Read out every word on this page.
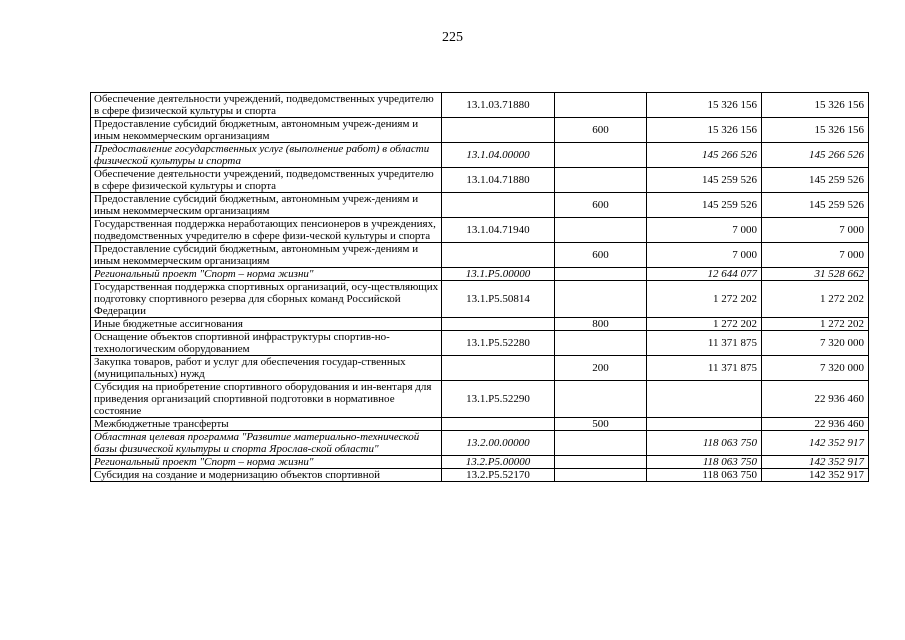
225
Обеспечение деятельности учреждений, подведомственных учредителю в сфере физической культуры и спорта	13.1.03.71880		15 326 156	15 326 156
Предоставление субсидий бюджетным, автономным учреж-дениям и иным некоммерческим организациям		600	15 326 156	15 326 156
Предоставление государственных услуг (выполнение работ) в области физической культуры и спорта	13.1.04.00000		145 266 526	145 266 526
Обеспечение деятельности учреждений, подведомственных учредителю в сфере физической культуры и спорта	13.1.04.71880		145 259 526	145 259 526
Предоставление субсидий бюджетным, автономным учреж-дениям и иным некоммерческим организациям		600	145 259 526	145 259 526
Государственная поддержка неработающих пенсионеров в учреждениях, подведомственных учредителю в сфере физи-ческой культуры и спорта	13.1.04.71940		7 000	7 000
Предоставление субсидий бюджетным, автономным учреж-дениям и иным некоммерческим организациям		600	7 000	7 000
Региональный проект "Спорт – норма жизни"	13.1.P5.00000		12 644 077	31 528 662
Государственная поддержка спортивных организаций, осу-ществляющих подготовку спортивного резерва для сборных команд Российской Федерации	13.1.P5.50814		1 272 202	1 272 202
Иные бюджетные ассигнования		800	1 272 202	1 272 202
Оснащение объектов спортивной инфраструктуры спортив-но-технологическим оборудованием	13.1.P5.52280		11 371 875	7 320 000
Закупка товаров, работ и услуг для обеспечения государ-ственных (муниципальных) нужд		200	11 371 875	7 320 000
Субсидия на приобретение спортивного оборудования и ин-вентаря для приведения организаций спортивной подготовки в нормативное состояние	13.1.P5.52290			22 936 460
Межбюджетные трансферты		500		22 936 460
Областная целевая программа "Развитие материально-технической базы физической культуры и спорта Ярослав-ской области"	13.2.00.00000		118 063 750	142 352 917
Региональный проект "Спорт – норма жизни"	13.2.P5.00000		118 063 750	142 352 917
Субсидия на создание и модернизацию объектов спортивной	13.2.P5.52170		118 063 750	142 352 917
